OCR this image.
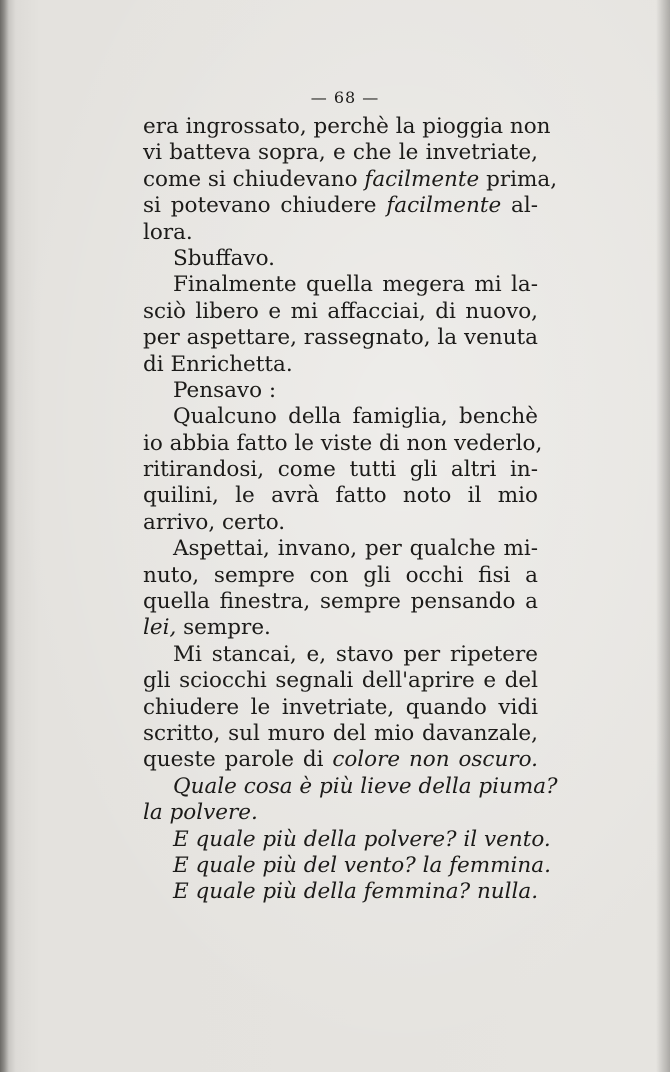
— 68 —
era ingrossato, perchè la pioggia non
vi batteva sopra, e che le invetriate,
come si chiudevano facilmente prima,
si potevano chiudere facilmente al-
lora.
Sbuffavo.
Finalmente quella megera mi la-
sciò libero e mi affacciai, di nuovo,
per aspettare, rassegnato, la venuta
di Enrichetta.
Pensavo :
Qualcuno della famiglia, benchè
io abbia fatto le viste di non vederlo,
ritirandosi, come tutti gli altri in-
quilini, le avrà fatto noto il mio
arrivo, certo.
Aspettai, invano, per qualche mi-
nuto, sempre con gli occhi fisi a
quella finestra, sempre pensando a
lei, sempre.
Mi stancai, e, stavo per ripetere
gli sciocchi segnali dell'aprire e del
chiudere le invetriate, quando vidi
scritto, sul muro del mio davanzale,
queste parole di colore non oscuro.
Quale cosa è più lieve della piuma?
la polvere.
E quale più della polvere? il vento.
E quale più del vento? la femmina.
E quale più della femmina? nulla.
